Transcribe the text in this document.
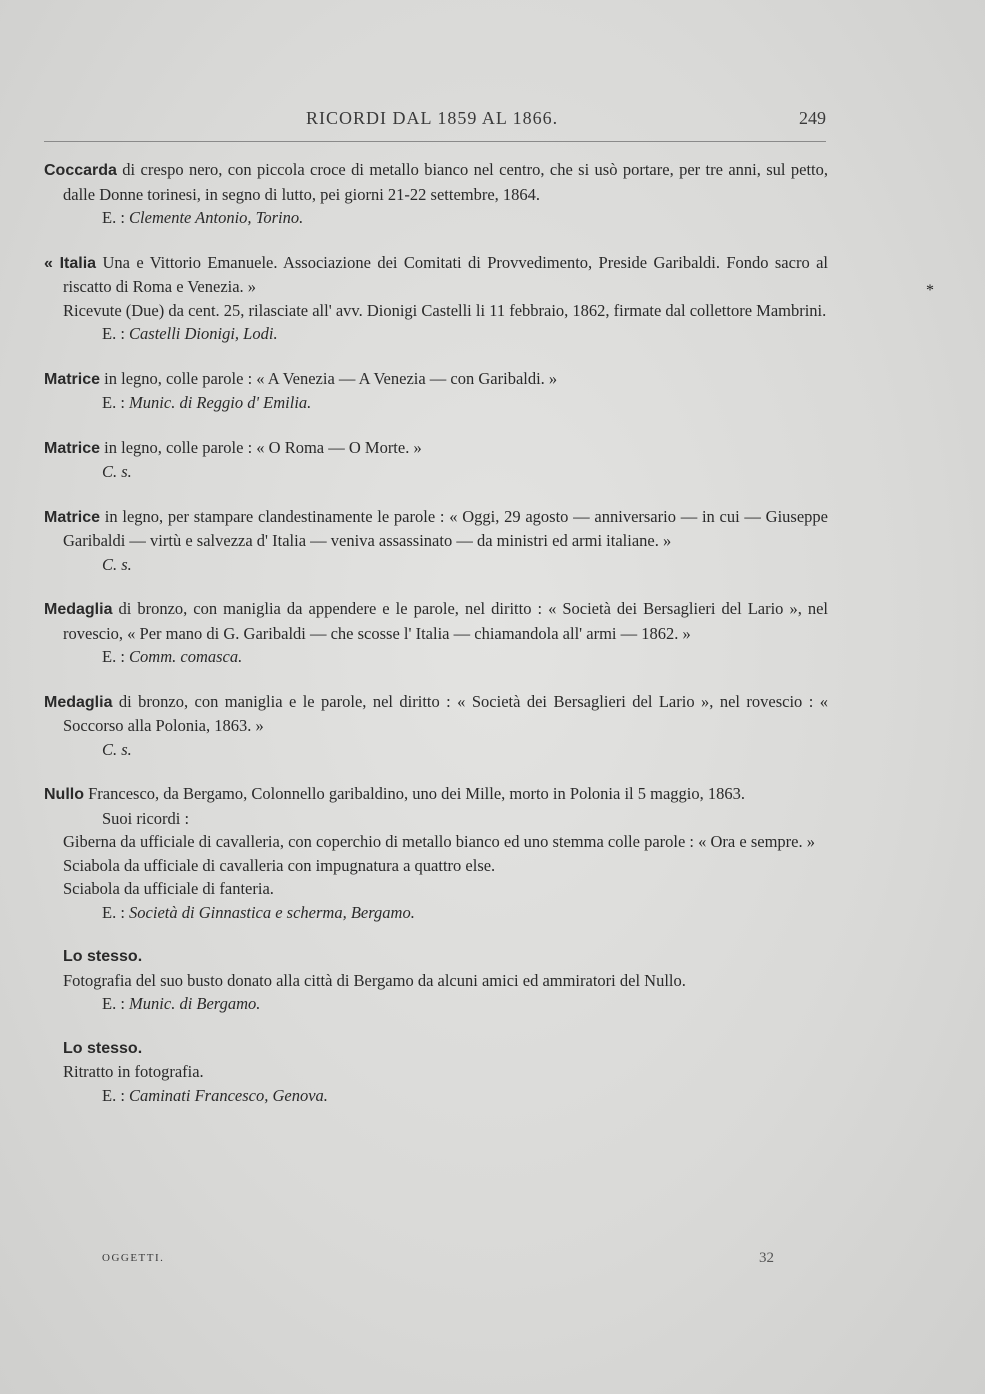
RICORDI DAL 1859 AL 1866.	249
*

Coccarda di crespo nero, con piccola croce di metallo bianco nel centro, che si usò portare, per tre anni, sul petto, dalle Donne torinesi, in segno di lutto, pei giorni 21-22 settembre, 1864.

E. : Clemente Antonio, Torino.

« Italia Una e Vittorio Emanuele. Associazione dei Comitati di Provvedimento, Preside Garibaldi. Fondo sacro al riscatto di Roma e Venezia. »

Ricevute (Due) da cent. 25, rilasciate all' avv. Dionigi Castelli li 11 febbraio, 1862, firmate dal collettore Mambrini.

E. : Castelli Dionigi, Lodi.

Matrice in legno, colle parole : « A Venezia — A Venezia — con Garibaldi. »

E. : Munic. di Reggio d' Emilia.

Matrice in legno, colle parole : « O Roma — O Morte. »

C. s.

Matrice in legno, per stampare clandestinamente le parole : « Oggi, 29 agosto — anniversario — in cui — Giuseppe Garibaldi — virtù e salvezza d' Italia — veniva assassinato — da ministri ed armi italiane. »

C. s.

Medaglia di bronzo, con maniglia da appendere e le parole, nel diritto : « Società dei Bersaglieri del Lario », nel rovescio, « Per mano di G. Garibaldi — che scosse l' Italia — chiamandola all' armi — 1862. »

E. : Comm. comasca.

Medaglia di bronzo, con maniglia e le parole, nel diritto : « Società dei Bersaglieri del Lario », nel rovescio : « Soccorso alla Polonia, 1863. »

C. s.

Nullo Francesco, da Bergamo, Colonnello garibaldino, uno dei Mille, morto in Polonia il 5 maggio, 1863.

Suoi ricordi :

Giberna da ufficiale di cavalleria, con coperchio di metallo bianco ed uno stemma colle parole : « Ora e sempre. »

Sciabola da ufficiale di cavalleria con impugnatura a quattro else.

Sciabola da ufficiale di fanteria.

E. : Società di Ginnastica e scherma, Bergamo.

Lo stesso.

Fotografia del suo busto donato alla città di Bergamo da alcuni amici ed ammiratori del Nullo.

E. : Munic. di Bergamo.

Lo stesso.

Ritratto in fotografia.

E. : Caminati Francesco, Genova.

OGGETTI.	32
